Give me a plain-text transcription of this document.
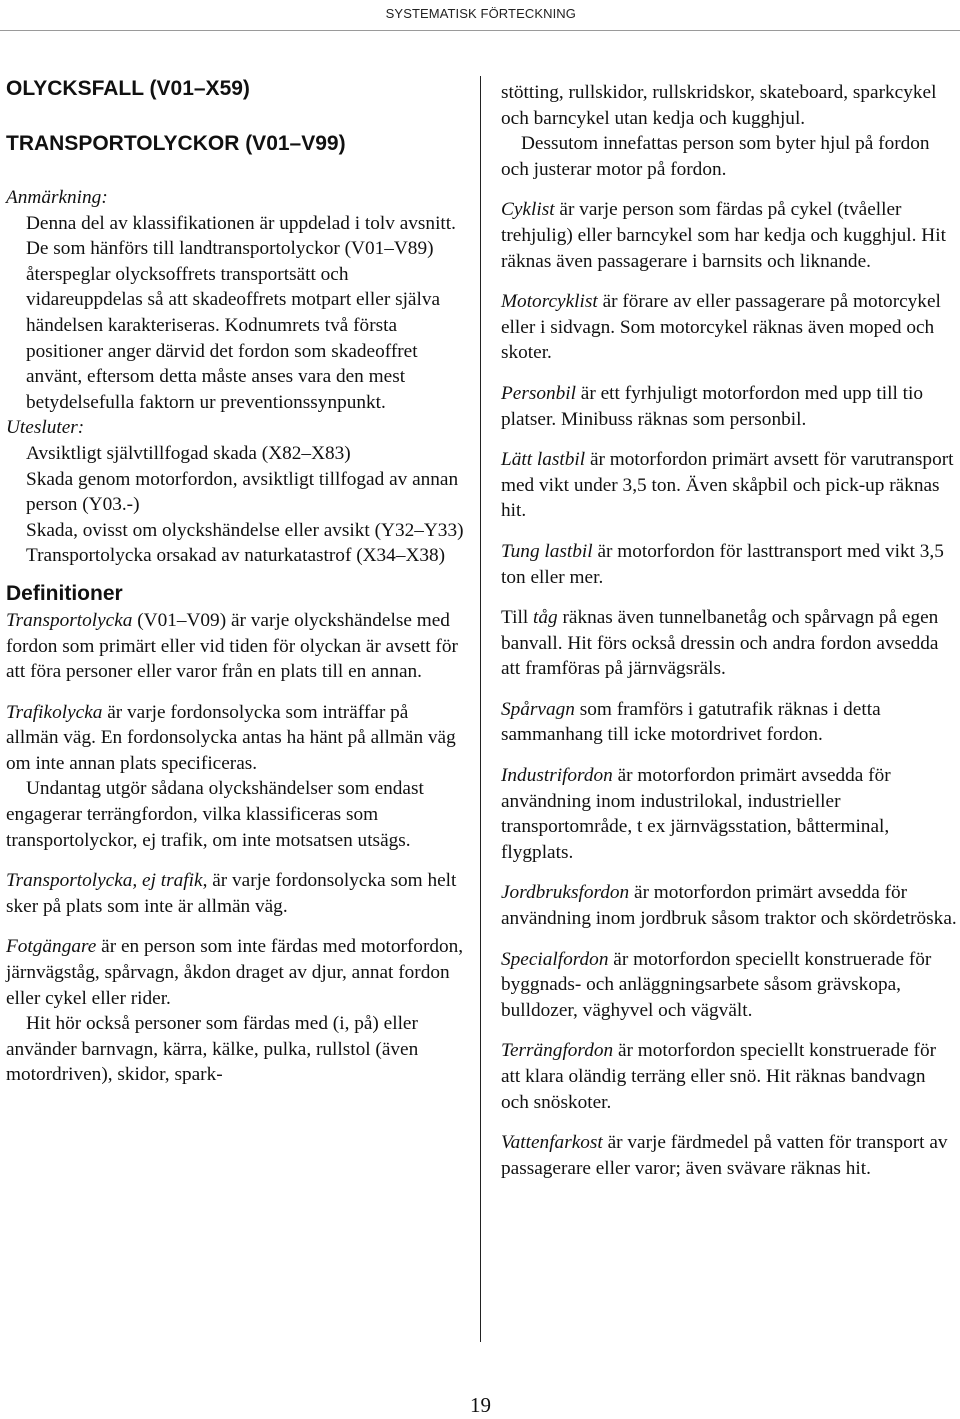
SYSTEMATISK FÖRTECKNING
OLYCKSFALL (V01–X59)
TRANSPORTOLYCKOR (V01–V99)
Anmärkning:

Denna del av klassifikationen är uppdelad i tolv avsnitt. De som hänförs till landtransportolyckor (V01–V89) återspeglar olycksoffrets transportsätt och vidareuppdelas så att skadeoffrets motpart eller själva händelsen karakteriseras. Kodnumrets två första positioner anger därvid det fordon som skadeoffret använt, eftersom detta måste anses vara den mest betydelsefulla faktorn ur preventionssynpunkt.

Utesluter:

Avsiktligt självtillfogad skada (X82–X83)

Skada genom motorfordon, avsiktligt tillfogad av annan person (Y03.-)

Skada, ovisst om olyckshändelse eller avsikt (Y32–Y33)

Transportolycka orsakad av naturkatastrof (X34–X38)

Definitioner

Transportolycka (V01–V09) är varje olyckshändelse med fordon som primärt eller vid tiden för olyckan är avsett för att föra personer eller varor från en plats till en annan.

Trafikolycka är varje fordonsolycka som inträffar på allmän väg. En fordonsolycka antas ha hänt på allmän väg om inte annan plats specificeras.

Undantag utgör sådana olyckshändelser som endast engagerar terrängfordon, vilka klassificeras som transportolyckor, ej trafik, om inte motsatsen utsägs.

Transportolycka, ej trafik, är varje fordonsolycka som helt sker på plats som inte är allmän väg.

Fotgängare är en person som inte färdas med motorfordon, järnvägståg, spårvagn, åkdon draget av djur, annat fordon eller cykel eller rider.

Hit hör också personer som färdas med (i, på) eller använder barnvagn, kärra, kälke, pulka, rullstol (även motordriven), skidor, spark-

stötting, rullskidor, rullskridskor, skateboard, sparkcykel och barncykel utan kedja och kugghjul.

Dessutom innefattas person som byter hjul på fordon och justerar motor på fordon.

Cyklist är varje person som färdas på cykel (tvåeller trehjulig) eller barncykel som har kedja och kugghjul. Hit räknas även passagerare i barnsits och liknande.

Motorcyklist är förare av eller passagerare på motorcykel eller i sidvagn. Som motorcykel räknas även moped och skoter.

Personbil är ett fyrhjuligt motorfordon med upp till tio platser. Minibuss räknas som personbil.

Lätt lastbil är motorfordon primärt avsett för varutransport med vikt under 3,5 ton. Även skåpbil och pick-up räknas hit.

Tung lastbil är motorfordon för lasttransport med vikt 3,5 ton eller mer.

Till tåg räknas även tunnelbanetåg och spårvagn på egen banvall. Hit förs också dressin och andra fordon avsedda att framföras på järnvägsräls.

Spårvagn som framförs i gatutrafik räknas i detta sammanhang till icke motordrivet fordon.

Industrifordon är motorfordon primärt avsedda för användning inom industrilokal, industrieller transportområde, t ex järnvägsstation, båtterminal, flygplats.

Jordbruksfordon är motorfordon primärt avsedda för användning inom jordbruk såsom traktor och skördetröska.

Specialfordon är motorfordon speciellt konstruerade för byggnads- och anläggningsarbete såsom grävskopa, bulldozer, väghyvel och vägvält.

Terrängfordon är motorfordon speciellt konstruerade för att klara oländig terräng eller snö. Hit räknas bandvagn och snöskoter.

Vattenfarkost är varje färdmedel på vatten för transport av passagerare eller varor; även svävare räknas hit.

19
